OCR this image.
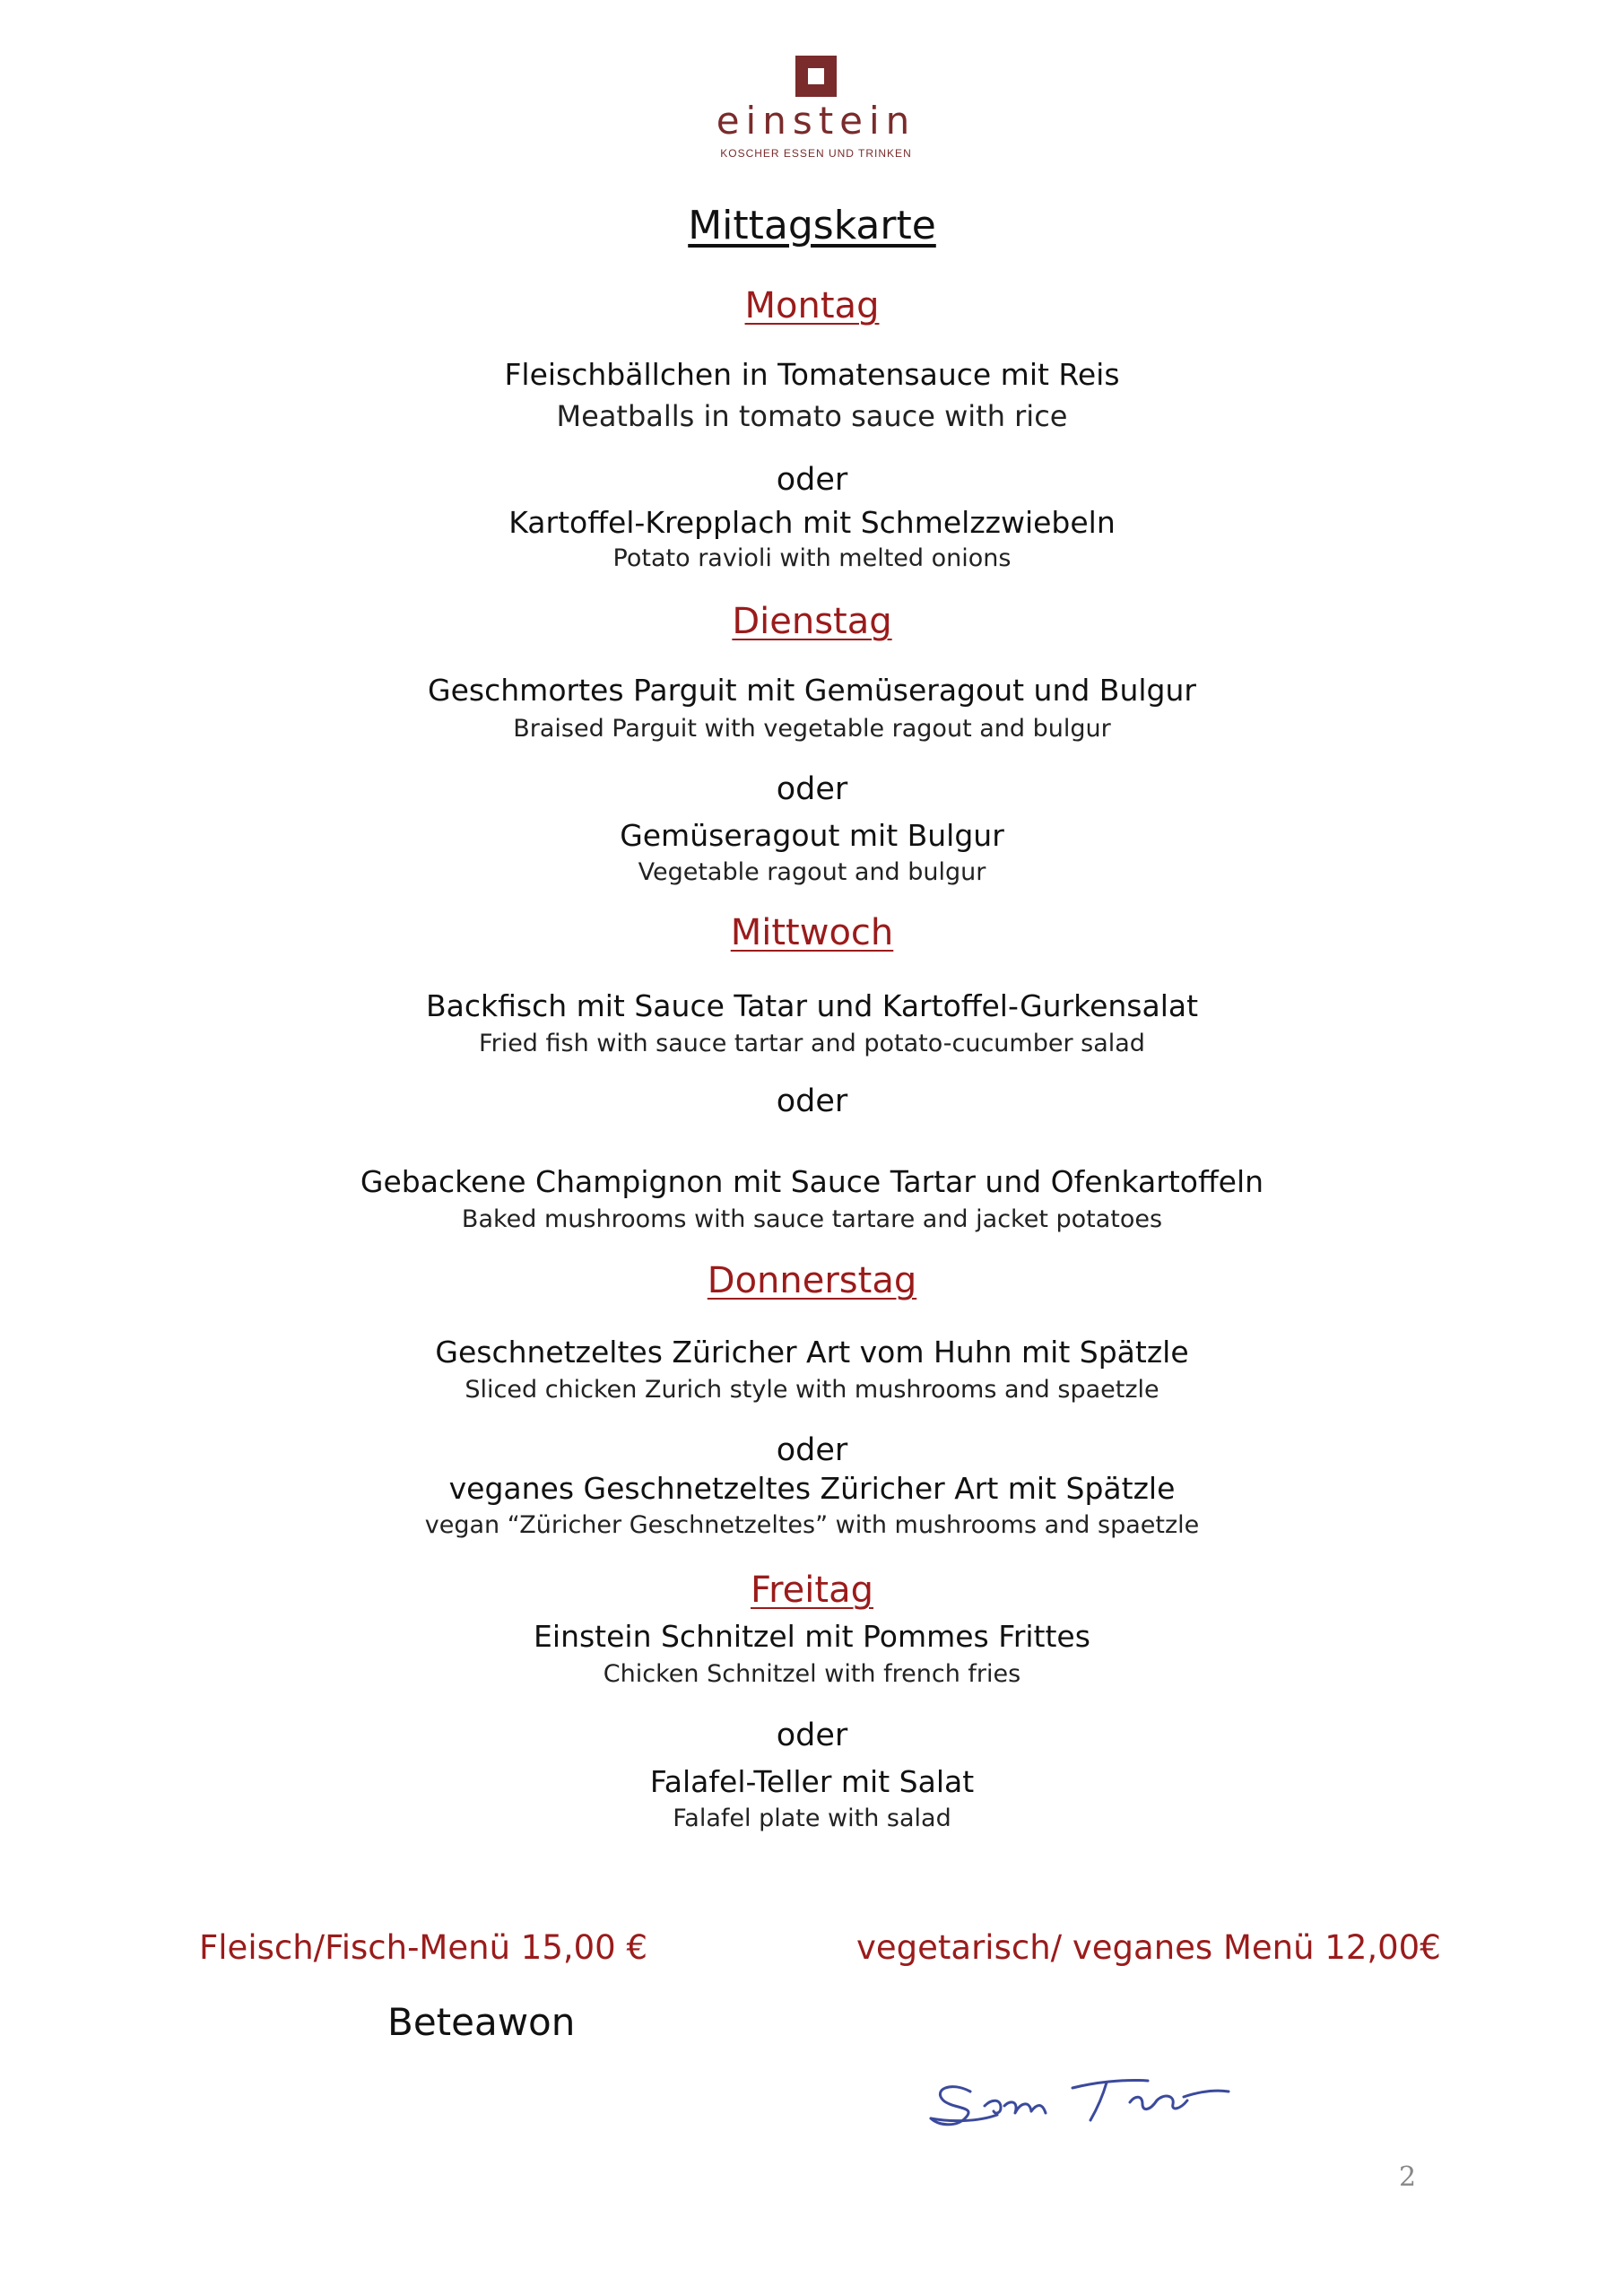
einstein
KOSCHER ESSEN UND TRINKEN
Mittagskarte
Montag
Fleischbällchen in Tomatensauce mit Reis
Meatballs in tomato sauce with rice
oder
Kartoffel-Krepplach mit Schmelzzwiebeln
Potato ravioli with melted onions
Dienstag
Geschmortes Parguit mit Gemüseragout und Bulgur
Braised Parguit with vegetable ragout and bulgur
oder
Gemüseragout mit Bulgur
Vegetable ragout and bulgur
Mittwoch
Backfisch mit Sauce Tatar und Kartoffel-Gurkensalat
Fried fish with sauce tartar and potato-cucumber salad
oder
Gebackene Champignon mit Sauce Tartar und Ofenkartoffeln
Baked mushrooms with sauce tartare and jacket potatoes
Donnerstag
Geschnetzeltes Züricher Art vom Huhn mit Spätzle
Sliced chicken Zurich style with mushrooms and spaetzle
oder
veganes Geschnetzeltes Züricher Art mit Spätzle
vegan “Züricher Geschnetzeltes” with mushrooms and spaetzle
Freitag
Einstein Schnitzel mit Pommes Frittes
Chicken Schnitzel with french fries
oder
Falafel-Teller mit Salat
Falafel plate with salad
Fleisch/Fisch-Menü 15,00 €	vegetarisch/ veganes Menü 12,00€
Beteawon
2
